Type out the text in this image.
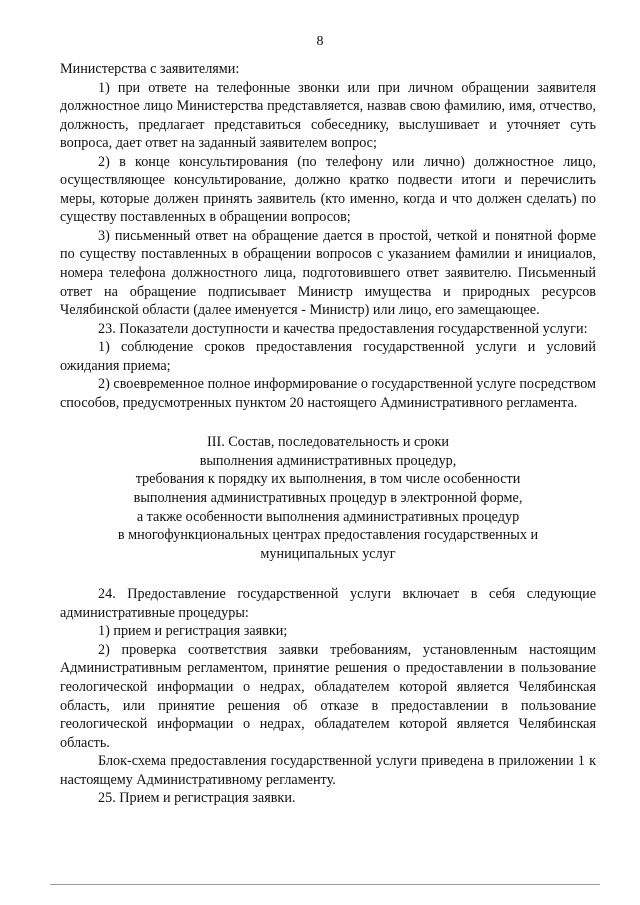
8

Министерства с заявителями:

1) при ответе на телефонные звонки или при личном обращении заявителя должностное лицо Министерства представляется, назвав свою фамилию, имя, отчество, должность, предлагает представиться собеседнику, выслушивает и уточняет суть вопроса, дает ответ на заданный заявителем вопрос;

2) в конце консультирования (по телефону или лично) должностное лицо, осуществляющее консультирование, должно кратко подвести итоги и перечислить меры, которые должен принять заявитель (кто именно, когда и что должен сделать) по существу поставленных в обращении вопросов;

3) письменный ответ на обращение дается в простой, четкой и понятной форме по существу поставленных в обращении вопросов с указанием фамилии и инициалов, номера телефона должностного лица, подготовившего ответ заявителю. Письменный ответ на обращение подписывает Министр имущества и природных ресурсов Челябинской области (далее именуется - Министр) или лицо, его замещающее.

23. Показатели доступности и качества предоставления государственной услуги:

1) соблюдение сроков предоставления государственной услуги и условий ожидания приема;

2) своевременное полное информирование о государственной услуге посредством способов, предусмотренных пунктом 20 настоящего Административного регламента.

III. Состав, последовательность и сроки
выполнения административных процедур,
требования к порядку их выполнения, в том числе особенности
выполнения административных процедур в электронной форме,
а также особенности выполнения административных процедур
в многофункциональных центрах предоставления государственных и
муниципальных услуг

24. Предоставление государственной услуги включает в себя следующие административные процедуры:

1) прием и регистрация заявки;

2) проверка соответствия заявки требованиям, установленным настоящим Административным регламентом, принятие решения о предоставлении в пользование геологической информации о недрах, обладателем которой является Челябинская область, или принятие решения об отказе в предоставлении в пользование геологической информации о недрах, обладателем которой является Челябинская область.

Блок-схема предоставления государственной услуги приведена в приложении 1 к настоящему Административному регламенту.

25. Прием и регистрация заявки.
